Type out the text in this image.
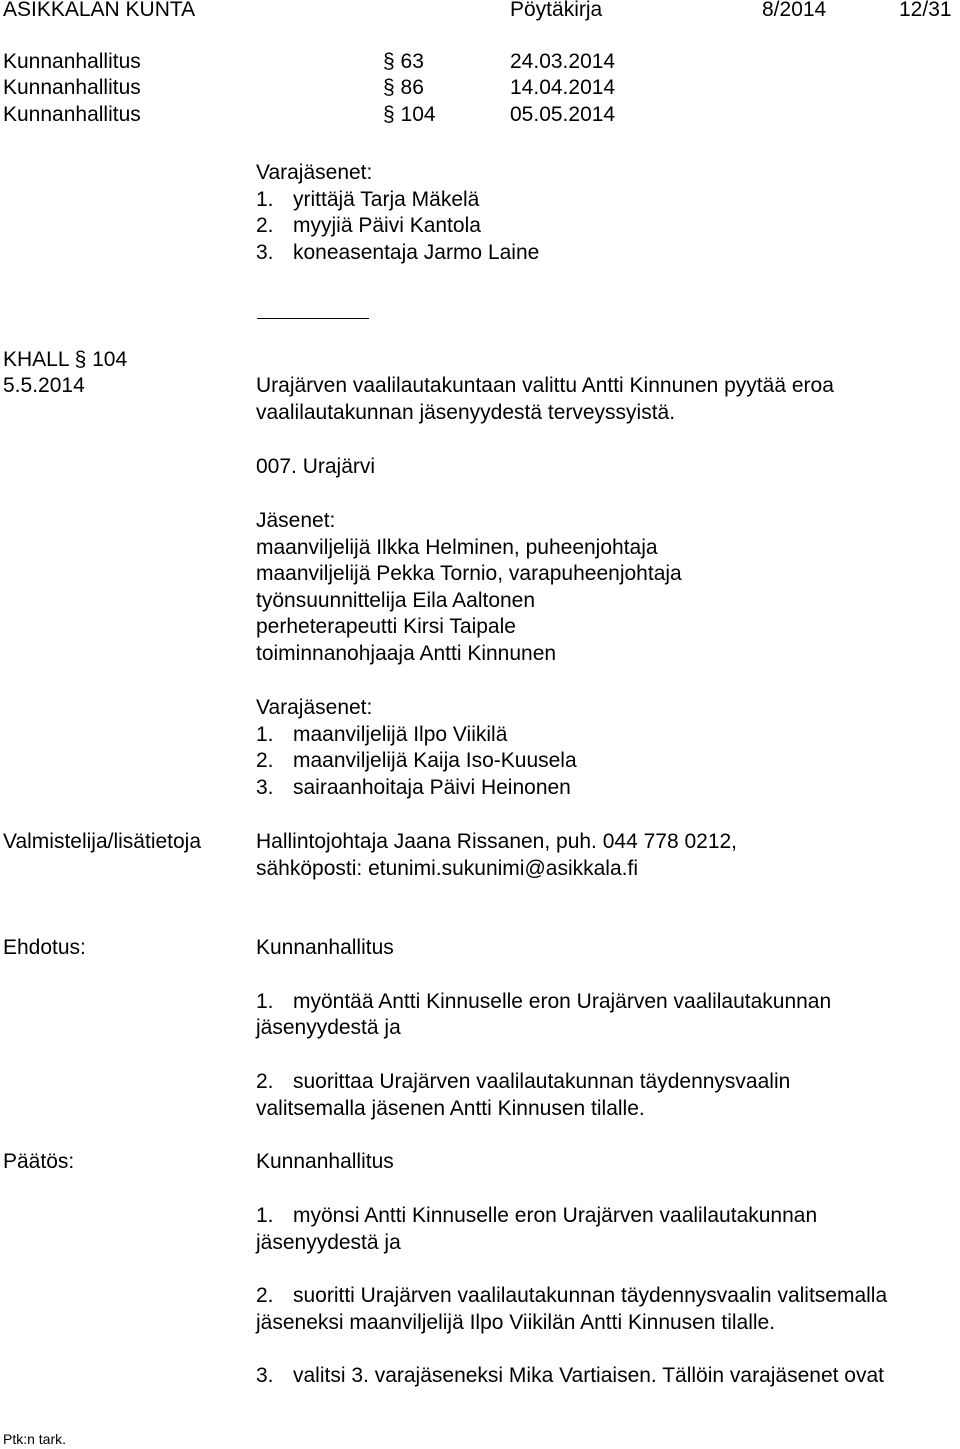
ASIKKALAN KUNTA	Pöytäkirja	8/2014	12/31
Kunnanhallitus	§ 63	24.03.2014
Kunnanhallitus	§ 86	14.04.2014
Kunnanhallitus	§ 104	05.05.2014
Varajäsenet:
1. yrittäjä Tarja Mäkelä
2. myyjiä Päivi Kantola
3. koneasentaja Jarmo Laine
KHALL § 104
5.5.2014	Urajärven vaalilautakuntaan valittu Antti Kinnunen pyytää eroa
vaalilautakunnan jäsenyydestä terveyssyistä.
007. Urajärvi
Jäsenet:
maanviljelijä Ilkka Helminen, puheenjohtaja
maanviljelijä Pekka Tornio, varapuheenjohtaja
työnsuunnittelija Eila Aaltonen
perheterapeutti Kirsi Taipale
toiminnanohjaaja Antti Kinnunen
Varajäsenet:
1. maanviljelijä Ilpo Viikilä
2. maanviljelijä Kaija Iso-Kuusela
3. sairaanhoitaja Päivi Heinonen
Valmistelija/lisätietoja	Hallintojohtaja Jaana Rissanen, puh. 044 778 0212,
sähköposti: etunimi.sukunimi@asikkala.fi
Ehdotus:	Kunnanhallitus
1. myöntää Antti Kinnuselle eron Urajärven vaalilautakunnan
jäsenyydestä ja
2. suorittaa Urajärven vaalilautakunnan täydennysvaalin
valitsemalla jäsenen Antti Kinnusen tilalle.
Päätös:	Kunnanhallitus
1. myönsi Antti Kinnuselle eron Urajärven vaalilautakunnan
jäsenyydestä ja
2. suoritti Urajärven vaalilautakunnan täydennysvaalin valitsemalla
jäseneksi maanviljelijä Ilpo Viikilän Antti Kinnusen tilalle.
3. valitsi 3. varajäseneksi Mika Vartiaisen. Tällöin varajäsenet ovat
Ptk:n tark.
